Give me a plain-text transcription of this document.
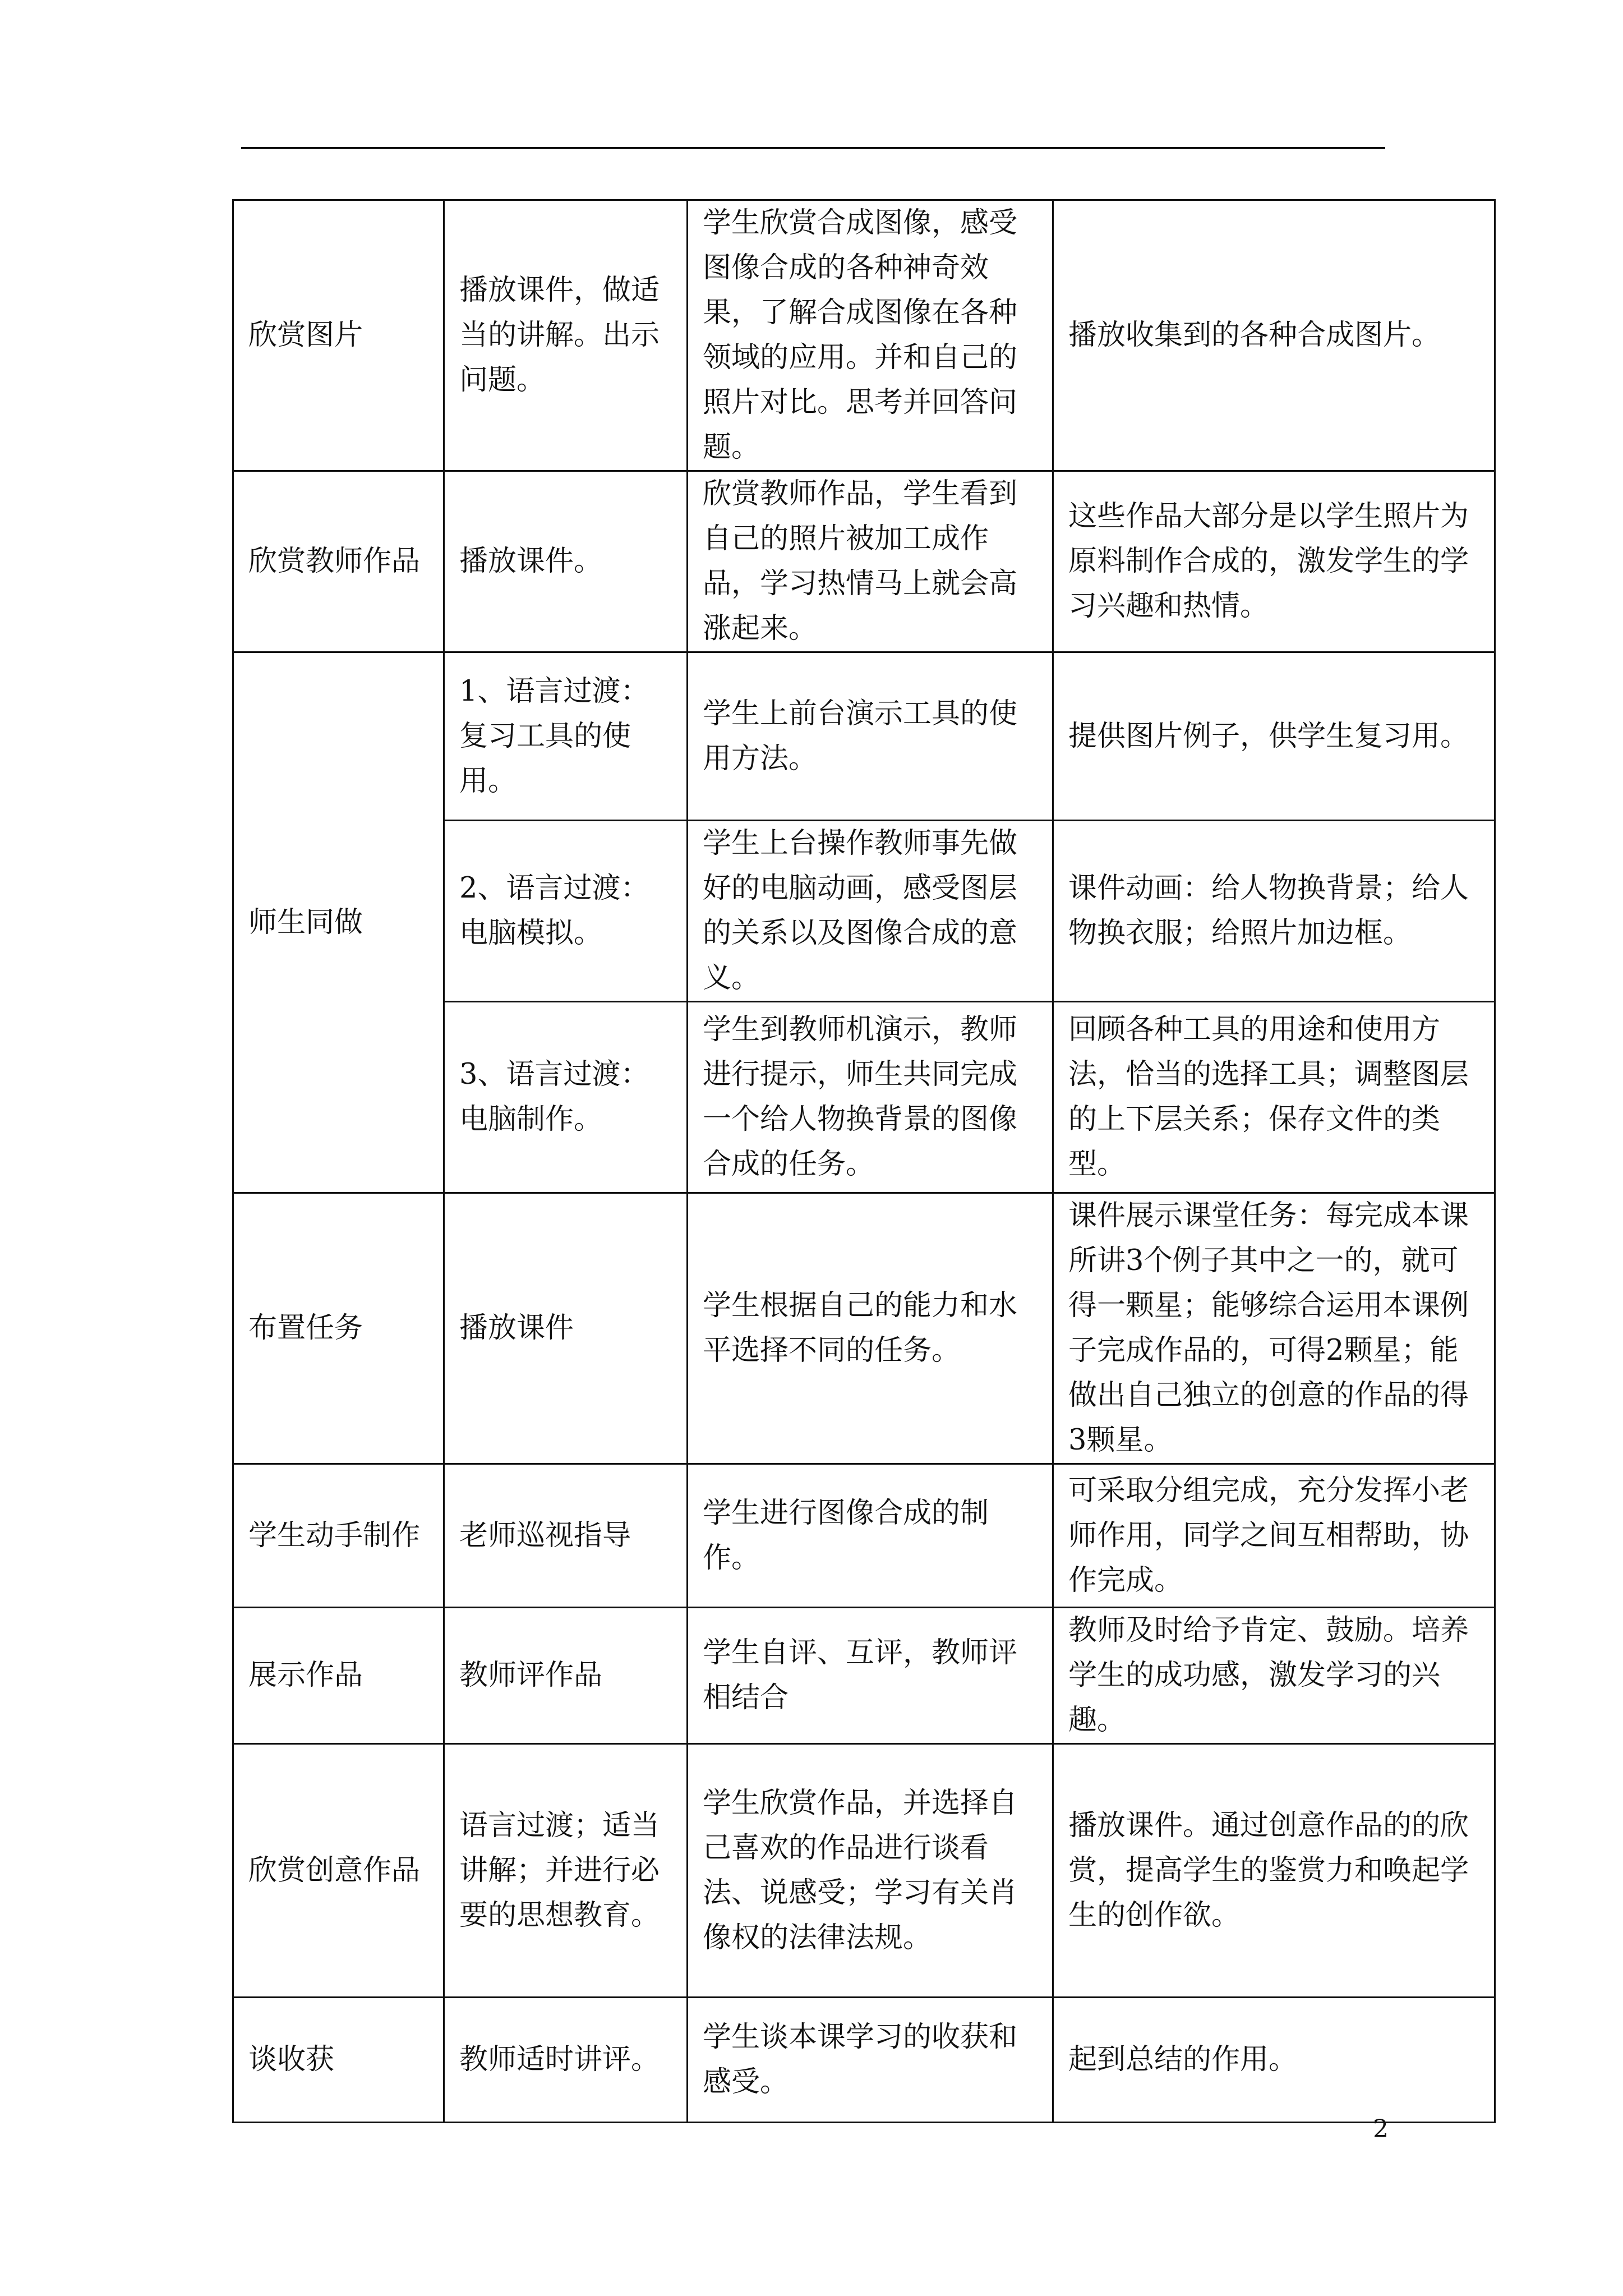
欣赏图片	播放课件，做适当的讲解。出示问题。	学生欣赏合成图像，感受图像合成的各种神奇效果，了解合成图像在各种领域的应用。并和自己的照片对比。思考并回答问题。	播放收集到的各种合成图片。
欣赏教师作品	播放课件。	欣赏教师作品，学生看到自己的照片被加工成作品，学习热情马上就会高涨起来。	这些作品大部分是以学生照片为原料制作合成的，激发学生的学习兴趣和热情。
师生同做	1、语言过渡：复习工具的使用。	学生上前台演示工具的使用方法。	提供图片例子，供学生复习用。
	2、语言过渡：电脑模拟。	学生上台操作教师事先做好的电脑动画，感受图层的关系以及图像合成的意义。	课件动画：给人物换背景；给人物换衣服；给照片加边框。
	3、语言过渡：电脑制作。	学生到教师机演示，教师进行提示，师生共同完成一个给人物换背景的图像合成的任务。	回顾各种工具的用途和使用方法，恰当的选择工具；调整图层的上下层关系；保存文件的类型。
布置任务	播放课件	学生根据自己的能力和水平选择不同的任务。	课件展示课堂任务：每完成本课所讲3个例子其中之一的，就可得一颗星；能够综合运用本课例子完成作品的，可得2颗星；能做出自己独立的创意的作品的得3颗星。
学生动手制作	老师巡视指导	学生进行图像合成的制作。	可采取分组完成，充分发挥小老师作用，同学之间互相帮助，协作完成。
展示作品	教师评作品	学生自评、互评，教师评相结合	教师及时给予肯定、鼓励。培养学生的成功感，激发学习的兴趣。
欣赏创意作品	语言过渡；适当讲解；并进行必要的思想教育。	学生欣赏作品，并选择自己喜欢的作品进行谈看法、说感受；学习有关肖像权的法律法规。	播放课件。通过创意作品的的欣赏，提高学生的鉴赏力和唤起学生的创作欲。
谈收获	教师适时讲评。	学生谈本课学习的收获和感受。	起到总结的作用。
2
